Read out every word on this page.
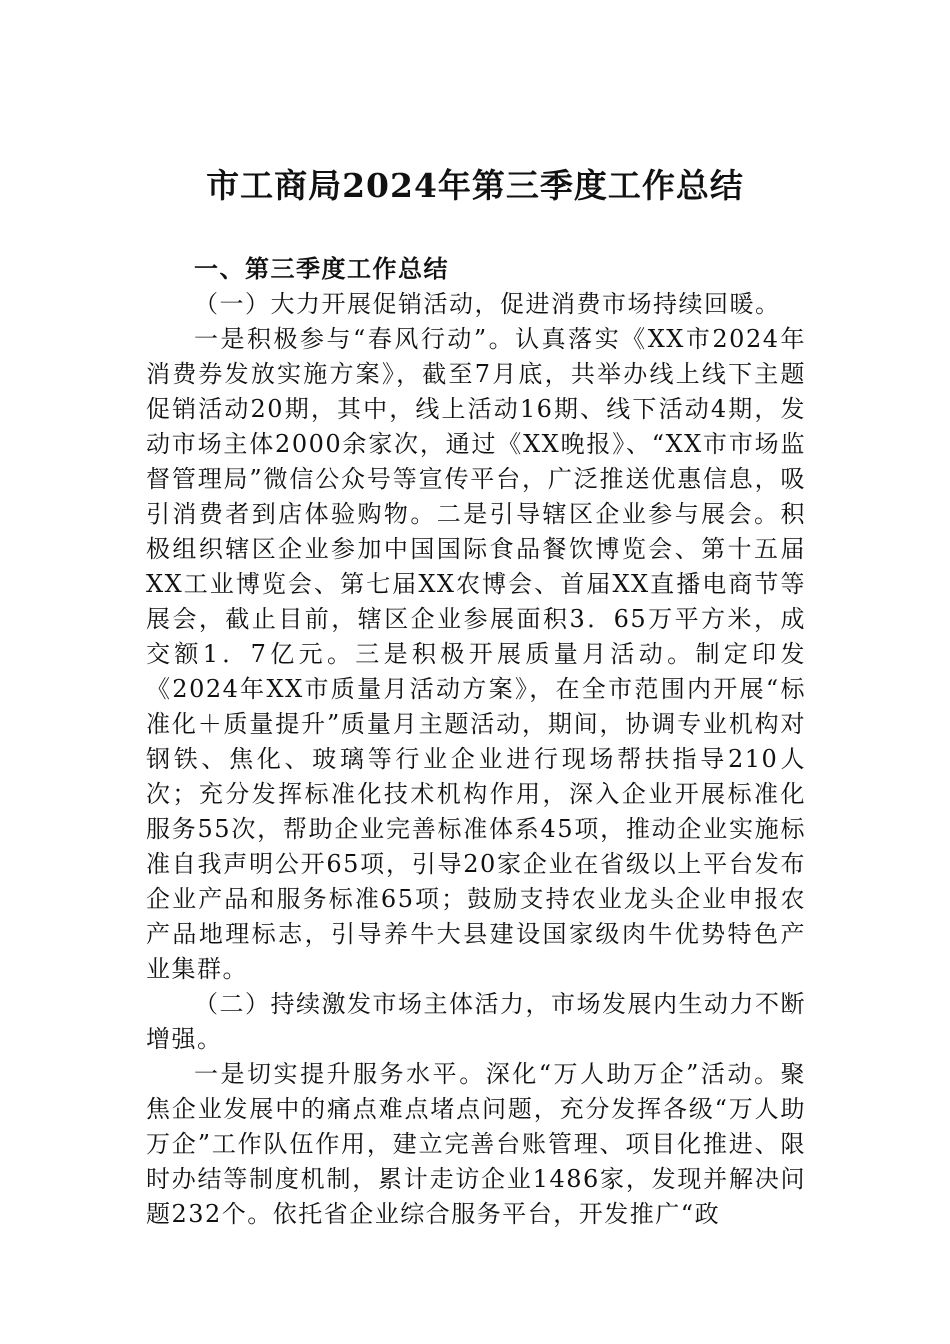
市工商局2024年第三季度工作总结

一、第三季度工作总结

（一）大力开展促销活动，促进消费市场持续回暖。

一是积极参与“春风行动”。认真落实《XX市2024年消费券发放实施方案》，截至7月底，共举办线上线下主题促销活动20期，其中，线上活动16期、线下活动4期，发动市场主体2000余家次，通过《XX晚报》、“XX市市场监督管理局”微信公众号等宣传平台，广泛推送优惠信息，吸引消费者到店体验购物。二是引导辖区企业参与展会。积极组织辖区企业参加中国国际食品餐饮博览会、第十五届XX工业博览会、第七届XX农博会、首届XX直播电商节等展会，截止目前，辖区企业参展面积3．65万平方米，成交额1．7亿元。三是积极开展质量月活动。制定印发《2024年XX市质量月活动方案》，在全市范围内开展“标准化＋质量提升”质量月主题活动，期间，协调专业机构对钢铁、焦化、玻璃等行业企业进行现场帮扶指导210人次；充分发挥标准化技术机构作用，深入企业开展标准化服务55次，帮助企业完善标准体系45项，推动企业实施标准自我声明公开65项，引导20家企业在省级以上平台发布企业产品和服务标准65项；鼓励支持农业龙头企业申报农产品地理标志，引导养牛大县建设国家级肉牛优势特色产业集群。

（二）持续激发市场主体活力，市场发展内生动力不断增强。

一是切实提升服务水平。深化“万人助万企”活动。聚焦企业发展中的痛点难点堵点问题，充分发挥各级“万人助万企”工作队伍作用，建立完善台账管理、项目化推进、限时办结等制度机制，累计走访企业1486家，发现并解决问题232个。依托省企业综合服务平台，开发推广“政
